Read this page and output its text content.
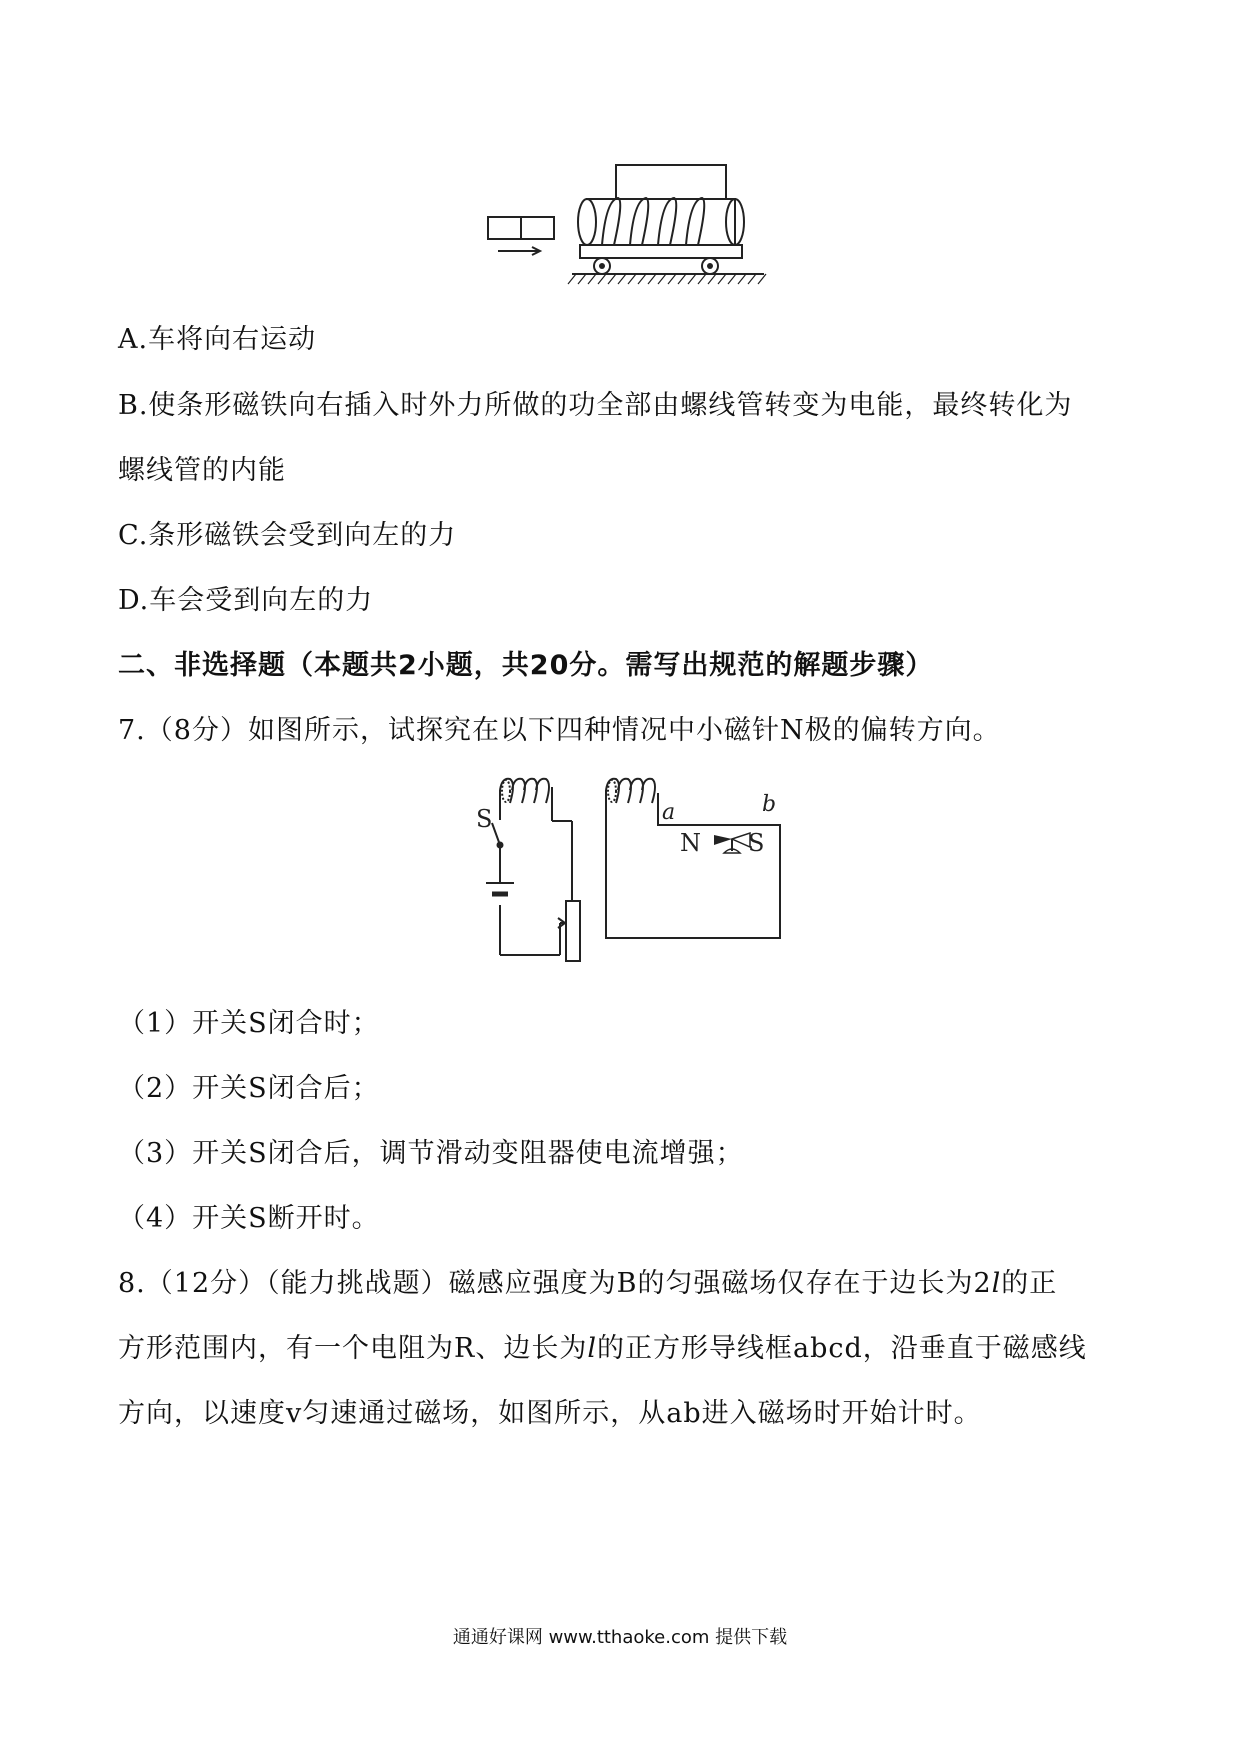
A.车将向右运动
B.使条形磁铁向右插入时外力所做的功全部由螺线管转变为电能，最终转化为
螺线管的内能
C.条形磁铁会受到向左的力
D.车会受到向左的力
二、非选择题（本题共2小题，共20分。需写出规范的解题步骤）
7.（8分）如图所示，试探究在以下四种情况中小磁针N极的偏转方向。
S	a	b
N S
（1）开关S闭合时；
（2）开关S闭合后；
（3）开关S闭合后，调节滑动变阻器使电流增强；
（4）开关S断开时。
8.（12分）（能力挑战题）磁感应强度为B的匀强磁场仅存在于边长为2l的正
方形范围内，有一个电阻为R、边长为l的正方形导线框abcd，沿垂直于磁感线
方向，以速度v匀速通过磁场，如图所示，从ab进入磁场时开始计时。
通通好课网 www.tthaoke.com 提供下载
